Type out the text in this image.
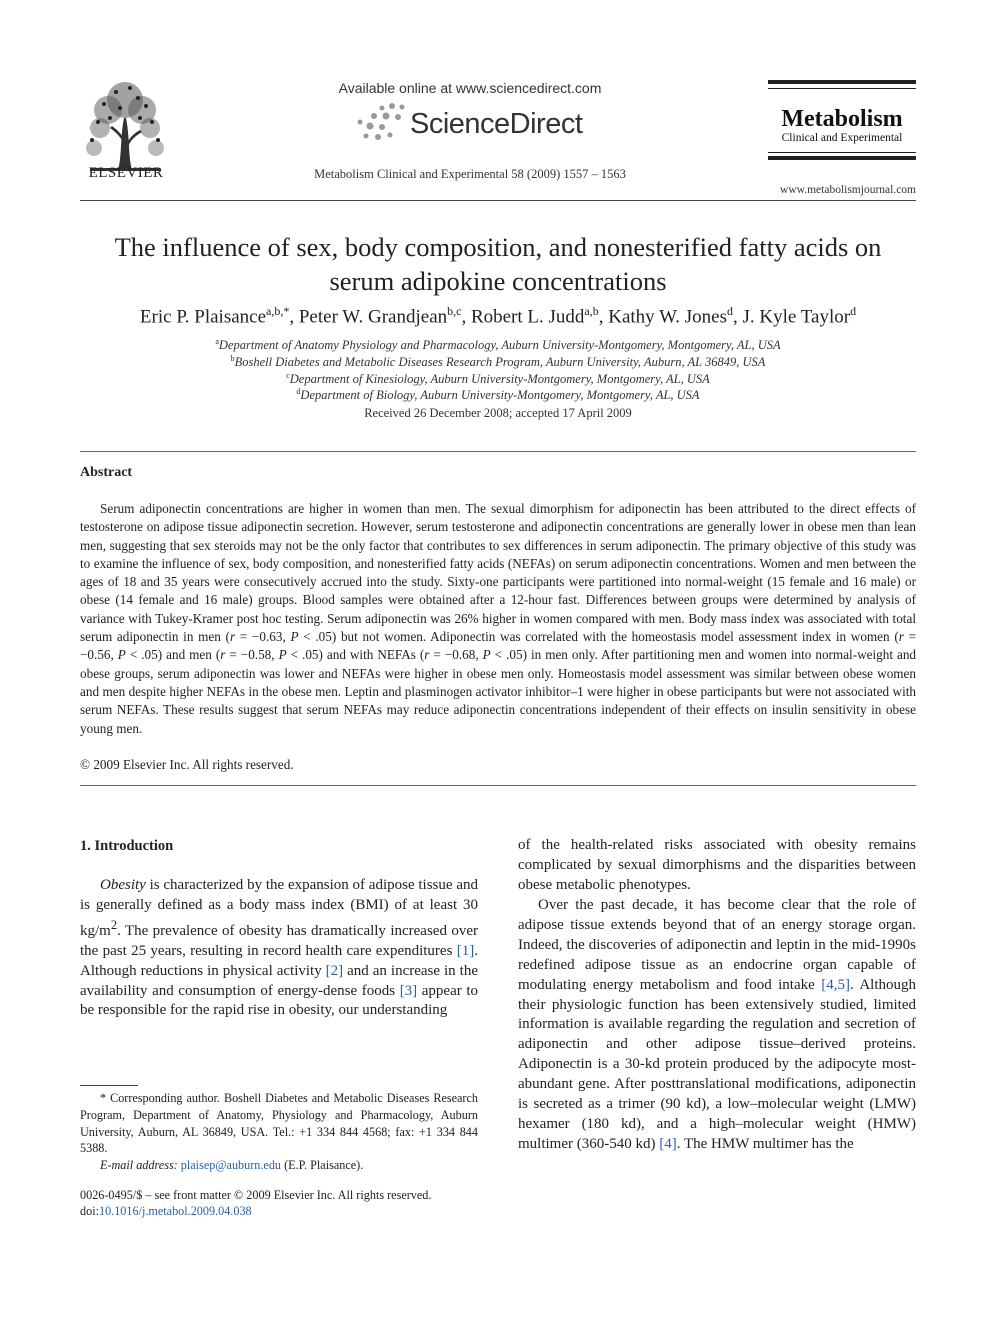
ELSEVIER
Available online at www.sciencedirect.com
ScienceDirect
Metabolism Clinical and Experimental 58 (2009) 1557 – 1563
Metabolism
Clinical and Experimental
www.metabolismjournal.com
The influence of sex, body composition, and nonesterified fatty acids on
serum adipokine concentrations
Eric P. Plaisance$^{a,b,*}$, Peter W. Grandjean$^{b,c}$, Robert L. Judd$^{a,b}$, Kathy W. Jones$^d$, J. Kyle Taylor$^d$
$^a$Department of Anatomy Physiology and Pharmacology, Auburn University-Montgomery, Montgomery, AL, USA
$^b$Boshell Diabetes and Metabolic Diseases Research Program, Auburn University, Auburn, AL 36849, USA
$^c$Department of Kinesiology, Auburn University-Montgomery, Montgomery, AL, USA
$^d$Department of Biology, Auburn University-Montgomery, Montgomery, AL, USA
Received 26 December 2008; accepted 17 April 2009
Abstract
Serum adiponectin concentrations are higher in women than men. The sexual dimorphism for adiponectin has been attributed to the direct effects of testosterone on adipose tissue adiponectin secretion. However, serum testosterone and adiponectin concentrations are generally lower in obese men than lean men, suggesting that sex steroids may not be the only factor that contributes to sex differences in serum adiponectin. The primary objective of this study was to examine the influence of sex, body composition, and nonesterified fatty acids (NEFAs) on serum adiponectin concentrations. Women and men between the ages of 18 and 35 years were consecutively accrued into the study. Sixty-one participants were partitioned into normal-weight (15 female and 16 male) or obese (14 female and 16 male) groups. Blood samples were obtained after a 12-hour fast. Differences between groups were determined by analysis of variance with Tukey-Kramer post hoc testing. Serum adiponectin was 26% higher in women compared with men. Body mass index was associated with total serum adiponectin in men (r = −0.63, P < .05) but not women. Adiponectin was correlated with the homeostasis model assessment index in women (r = −0.56, P < .05) and men (r = −0.58, P < .05) and with NEFAs (r = −0.68, P < .05) in men only. After partitioning men and women into normal-weight and obese groups, serum adiponectin was lower and NEFAs were higher in obese men only. Homeostasis model assessment was similar between obese women and men despite higher NEFAs in the obese men. Leptin and plasminogen activator inhibitor–1 were higher in obese participants but were not associated with serum NEFAs. These results suggest that serum NEFAs may reduce adiponectin concentrations independent of their effects on insulin sensitivity in obese young men.
© 2009 Elsevier Inc. All rights reserved.
1. Introduction
Obesity is characterized by the expansion of adipose tissue and is generally defined as a body mass index (BMI) of at least 30 $kg/m^2$. The prevalence of obesity has dramatically increased over the past 25 years, resulting in record health care expenditures [1]. Although reductions in physical activity [2] and an increase in the availability and consumption of energy-dense foods [3] appear to be responsible for the rapid rise in obesity, our understanding
of the health-related risks associated with obesity remains complicated by sexual dimorphisms and the disparities between obese metabolic phenotypes.
Over the past decade, it has become clear that the role of adipose tissue extends beyond that of an energy storage organ. Indeed, the discoveries of adiponectin and leptin in the mid-1990s redefined adipose tissue as an endocrine organ capable of modulating energy metabolism and food intake [4,5]. Although their physiologic function has been extensively studied, limited information is available regarding the regulation and secretion of adiponectin and other adipose tissue–derived proteins. Adiponectin is a 30-kd protein produced by the adipocyte most-abundant gene. After posttranslational modifications, adiponectin is secreted as a trimer (90 kd), a low–molecular weight (LMW) hexamer (180 kd), and a high–molecular weight (HMW) multimer (360-540 kd) [4]. The HMW multimer has the
* Corresponding author. Boshell Diabetes and Metabolic Diseases Research Program, Department of Anatomy, Physiology and Pharmacology, Auburn University, Auburn, AL 36849, USA. Tel.: +1 334 844 4568; fax: +1 334 844 5388.
E-mail address: plaisep@auburn.edu (E.P. Plaisance).
0026-0495/$ – see front matter © 2009 Elsevier Inc. All rights reserved.
doi:10.1016/j.metabol.2009.04.038
